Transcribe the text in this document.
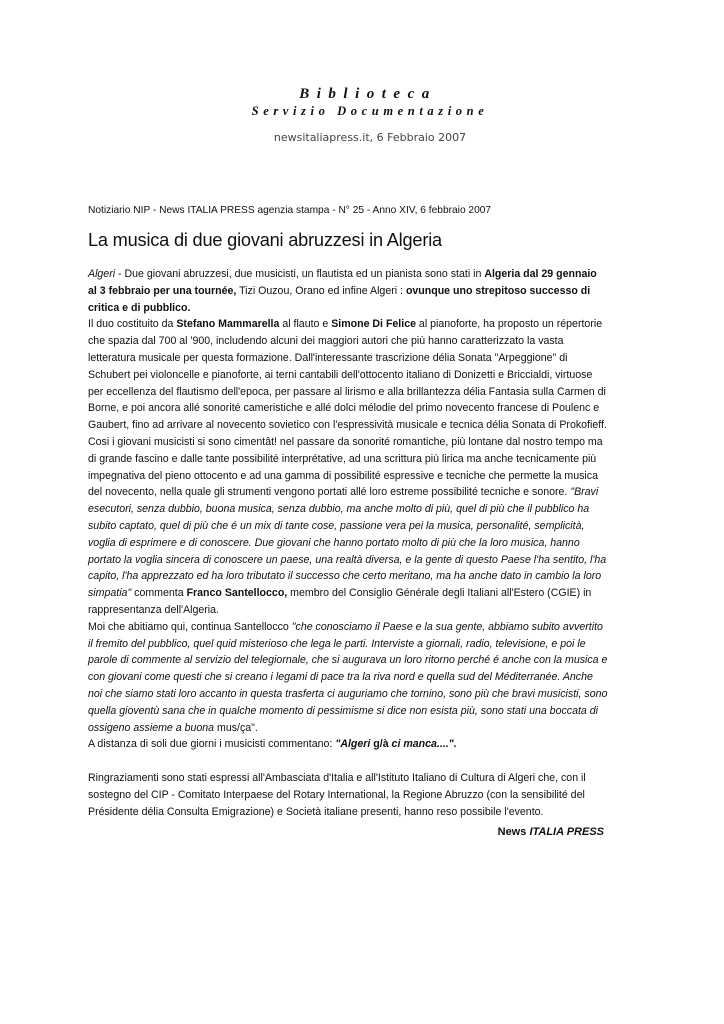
Biblioteca
Servizio Documentazione
newsitaliapress.it, 6 Febbraio 2007
Notiziario NIP - News ITALIA PRESS agenzia stampa - N° 25 - Anno XIV, 6 febbraio 2007
La musica di due giovani abruzzesi in Algeria

Algeri - Due giovani abruzzesi, due musicisti, un flautista ed un pianista sono stati in Algeria dal 29 gennaio al 3 febbraio per una tournée, Tizi Ouzou, Orano ed infine Algeri : ovunque uno strepitoso successo di critica e di pubblico.

Il duo costituito da Stefano Mammarella al flauto e Simone Di Felice al pianoforte, ha proposto un répertorie che spazia dal 700 al '900, includendo alcuni dei maggiori autori che più hanno caratterizzato la vasta letteratura musicale per questa formazione. Dall'interessante trascrizione délia Sonata "Arpeggione" di Schubert pei violoncelle e pianoforte, ai terni cantabili dell'ottocento italiano di Donizetti e Briccialdi, virtuose per eccellenza del flautismo dell'epoca, per passare al lirismo e alla brillantezza délia Fantasia sulla Carmen di Borne, e poi ancora allé sonorité cameristiche e allé dolci mélodie del primo novecento francese di Poulenc e Gaubert, fino ad arrivare al novecento sovietico con l'espressività musicale e tecnica délia Sonata di Prokofieff.

Cosi i giovani musicisti si sono cimentât! nel passare da sonorité romantiche, più lontane dal nostro tempo ma di grande fascino e dalle tante possibilité interprétative, ad una scrittura più lirica ma anche tecnicamente più impegnativa del pieno ottocento e ad una gamma di possibilité espressive e tecniche che permette la musica del novecento, nella quale gli strumenti vengono portati allé loro estreme possibilité tecniche e sonore. "Bravi esecutori, senza dubbio, buona musica, senza dubbio, ma anche molto di più, quel di più che il pubblico ha subito captato, quel di più che é un mix di tante cose, passione vera pei la musica, personalité, semplicità, voglia di esprimere e di conoscere. Due giovani che hanno portato molto di più che la loro musica, hanno portato la voglia sincera di conoscere un paese, una realtà diversa, e la gente di questo Paese l'ha sentito, l'ha capito, l'ha apprezzato ed ha loro tributato il successo che certo meritano, ma ha anche dato in cambio la loro simpatia" commenta Franco Santellocco, membro del Consiglio Générale degli Italiani all'Estero (CGIE) in rappresentanza dell'Algeria.

Moi che abitiamo qui, continua Santellocco "che conosciamo il Paese e la sua gente, abbiamo subito avvertito il fremito del pubblico, quel quid misterioso che lega le parti. Interviste a giornali, radio, televisione, e poi le parole di commente al servizio del telegiornale, che si augurava un loro ritorno perché é anche con la musica e con giovani come questi che si creano i legami di pace tra la riva nord e quella sud del Méditerranée. Anche noi che siamo stati loro accanto in questa trasferta ci auguriamo che tornino, sono più che bravi musicisti, sono quella gioventù sana che in qualche momento di pessimisme si dice non esista più, sono stati una boccata di ossigeno assieme a buona mus/ça".

A distanza di soli due giorni i musicisti commentano: "Algeri g/à ci manca....".

Ringraziamenti sono stati espressi all'Ambasciata d'Italia e all'Istituto Italiano di Cultura di Algeri che, con il sostegno del CIP - Comitato Interpaese del Rotary International, la Regione Abruzzo (con la sensibilité del Présidente délia Consulta Emigrazione) e Società italiane presenti, hanno reso possibile l'evento.

News ITALIA PRESS
